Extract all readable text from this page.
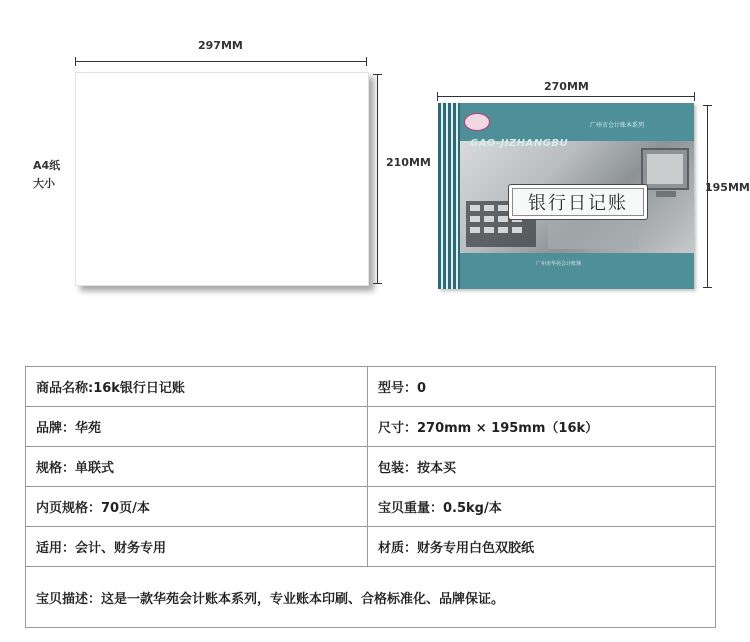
297MM
210MM
A4纸
大小
270MM
广州市会计账本系列
GAO-JIZHANGBU
银行日记账
广州市华苑会计账簿
195MM
商品名称:16k银行日记账	型号：0
品牌：华苑	尺寸：270mm × 195mm（16k）
规格：单联式	包装：按本买
内页规格：70页/本	宝贝重量：0.5kg/本
适用：会计、财务专用	材质：财务专用白色双胶纸
宝贝描述：这是一款华苑会计账本系列，专业账本印刷、合格标准化、品牌保证。	
